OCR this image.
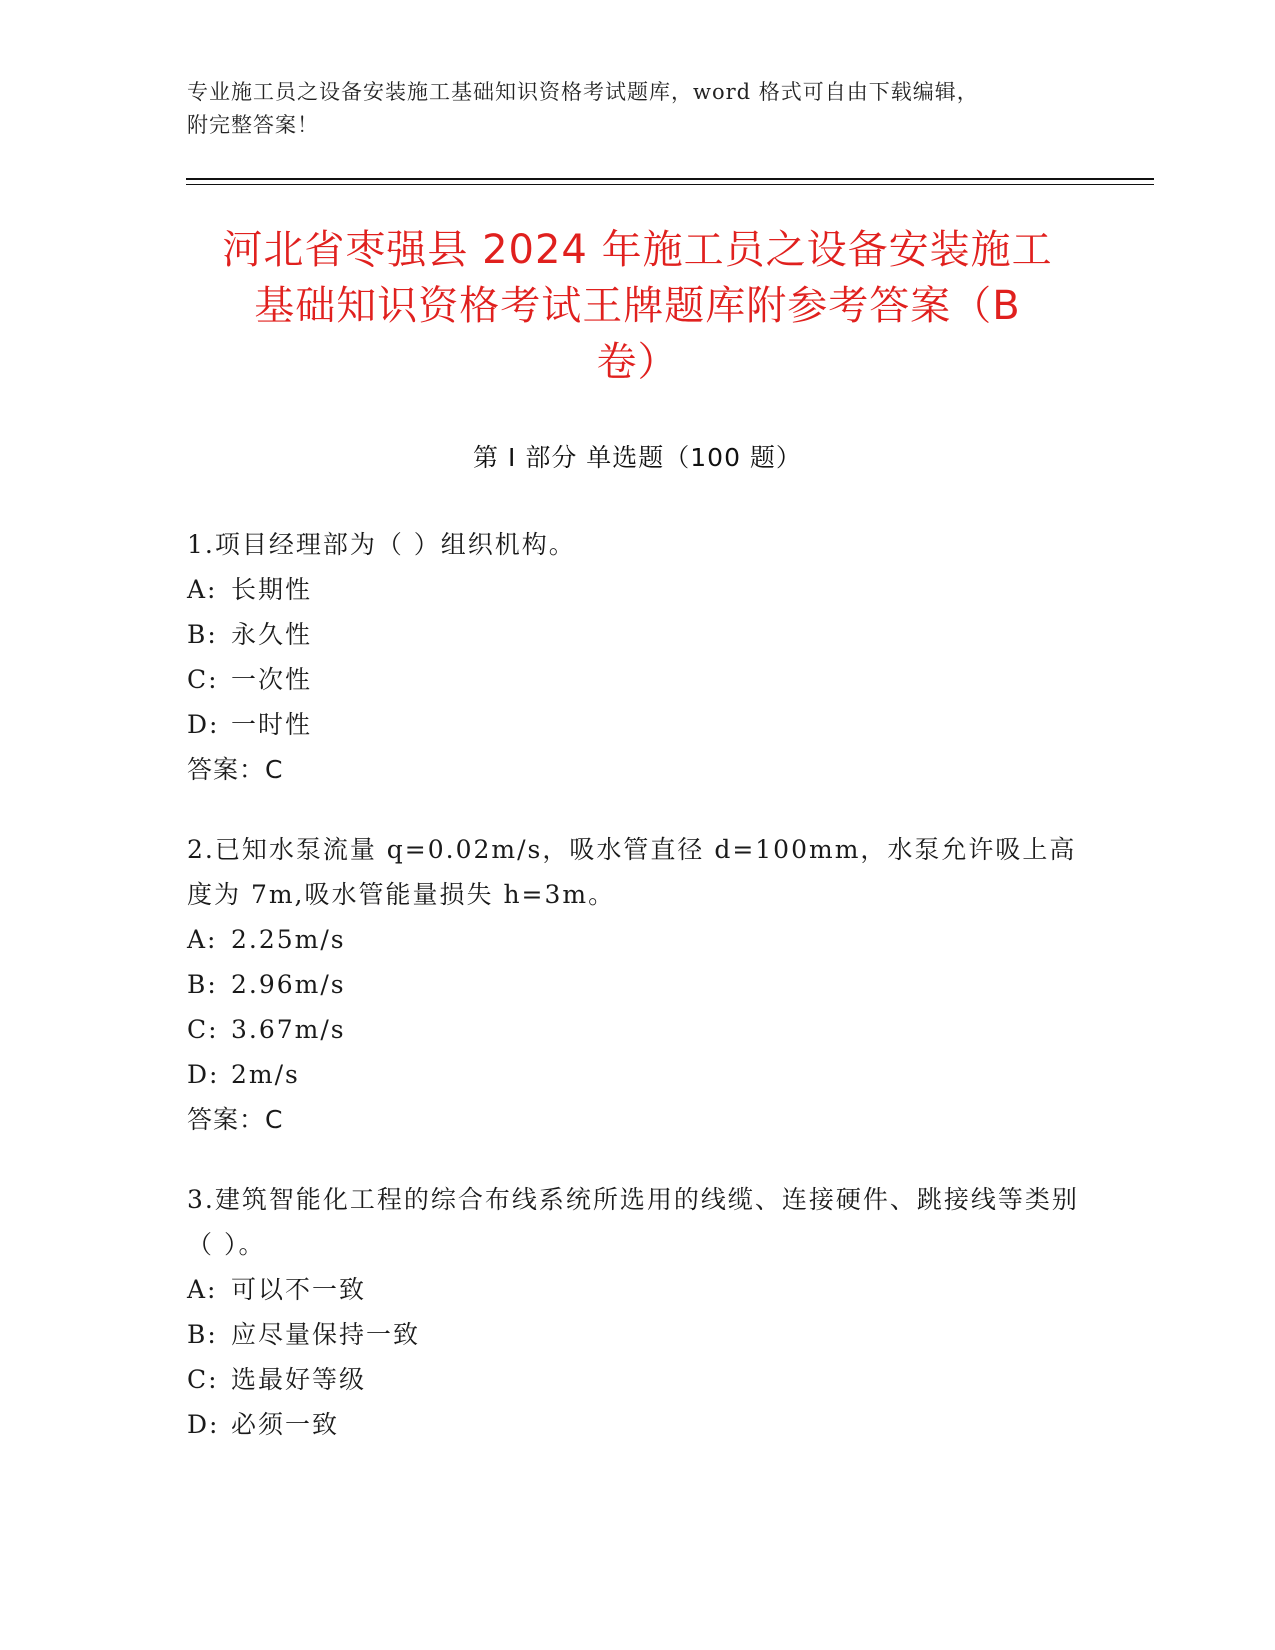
专业施工员之设备安装施工基础知识资格考试题库，word 格式可自由下载编辑，
附完整答案！
河北省枣强县 2024 年施工员之设备安装施工
基础知识资格考试王牌题库附参考答案（B
卷）
第 I 部分 单选题（100 题）
1.项目经理部为（ ）组织机构。
A: 长期性
B: 永久性
C: 一次性
D: 一时性
答案：C
2.已知水泵流量 q=0.02m/s，吸水管直径 d=100mm，水泵允许吸上高度为 7m,吸水管能量损失 h=3m。
A: 2.25m/s
B: 2.96m/s
C: 3.67m/s
D: 2m/s
答案：C
3.建筑智能化工程的综合布线系统所选用的线缆、连接硬件、跳接线等类别（ ）。
A: 可以不一致
B: 应尽量保持一致
C: 选最好等级
D: 必须一致
